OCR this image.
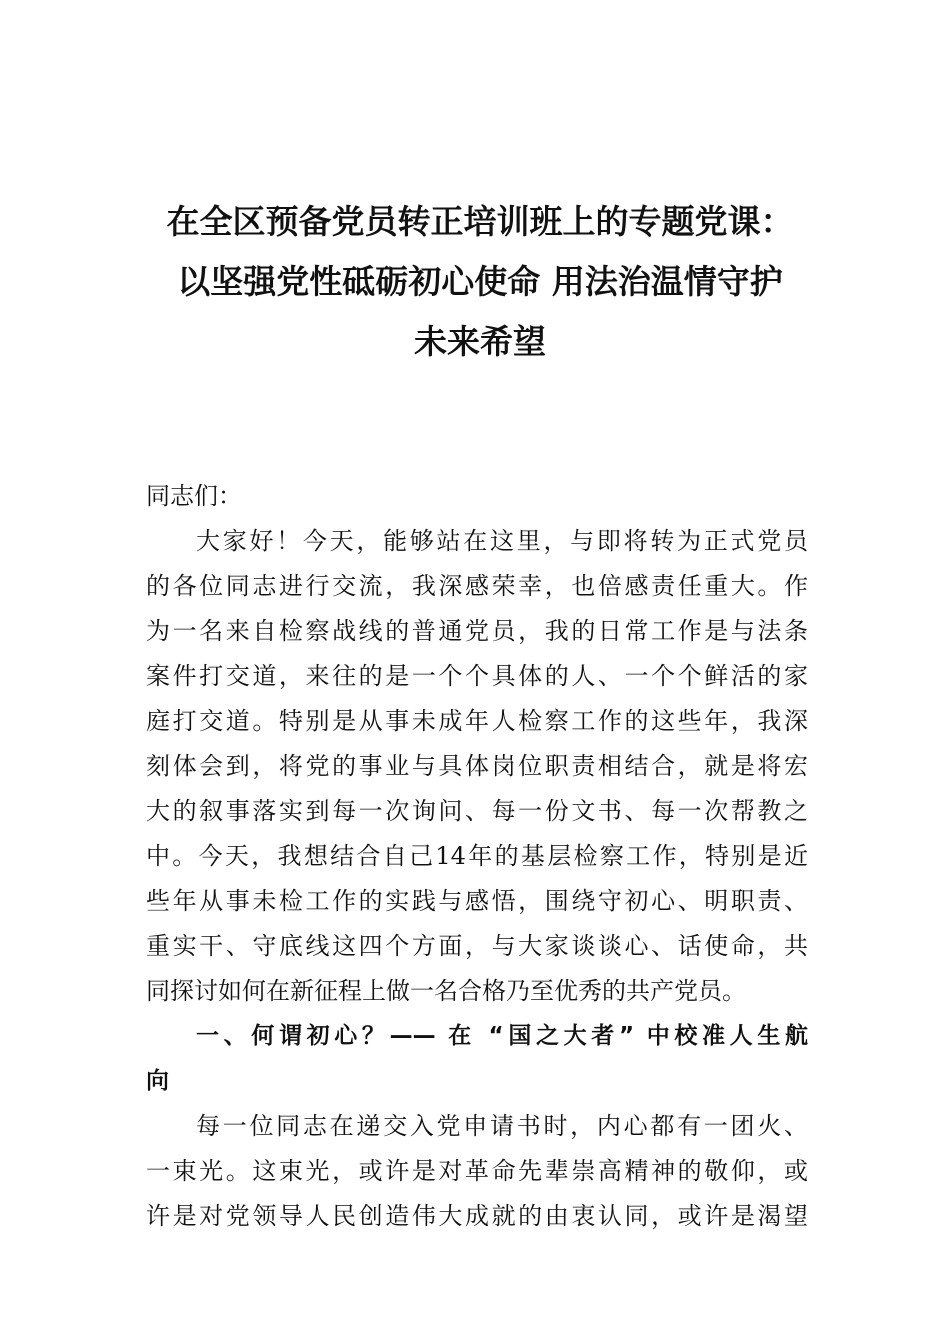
在全区预备党员转正培训班上的专题党课：
以坚强党性砥砺初心使命 用法治温情守护
未来希望
同志们：
大家好！今天，能够站在这里，与即将转为正式党员
的各位同志进行交流，我深感荣幸，也倍感责任重大。作
为一名来自检察战线的普通党员，我的日常工作是与法条
案件打交道，来往的是一个个具体的人、一个个鲜活的家
庭打交道。特别是从事未成年人检察工作的这些年，我深
刻体会到，将党的事业与具体岗位职责相结合，就是将宏
大的叙事落实到每一次询问、每一份文书、每一次帮教之
中。今天，我想结合自己14年的基层检察工作，特别是近
些年从事未检工作的实践与感悟，围绕守初心、明职责、
重实干、守底线这四个方面，与大家谈谈心、话使命，共
同探讨如何在新征程上做一名合格乃至优秀的共产党员。
一、何谓初心？—— 在 “国之大者” 中校准人生航
向
每一位同志在递交入党申请书时，内心都有一团火、
一束光。这束光，或许是对革命先辈崇高精神的敬仰，或
许是对党领导人民创造伟大成就的由衷认同，或许是渴望
